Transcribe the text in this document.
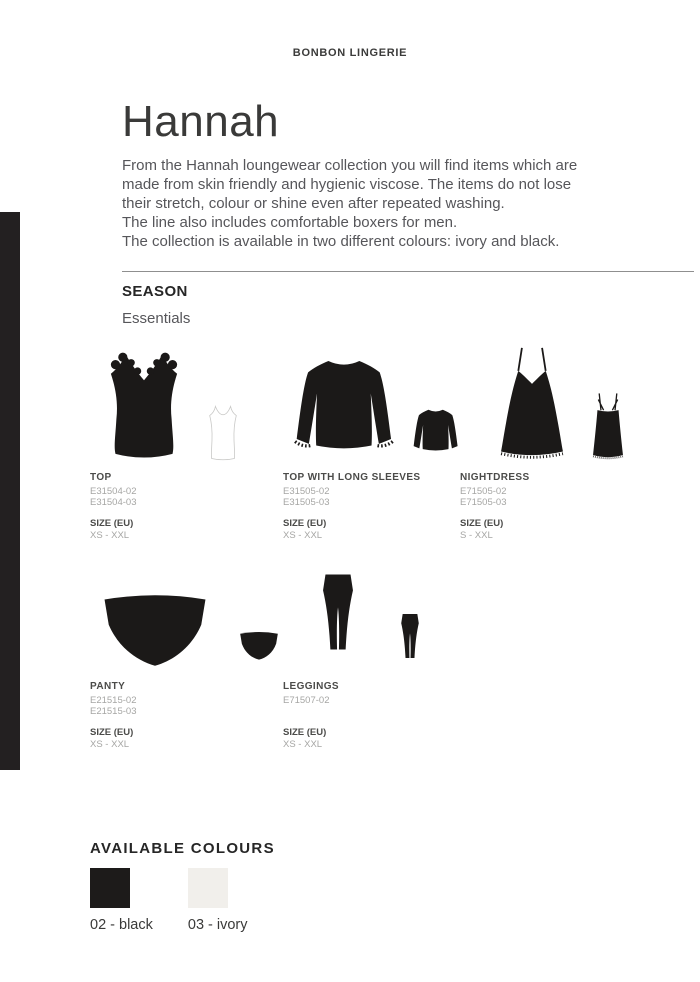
BONBON LINGERIE
Hannah
From the Hannah loungewear collection you will find items which are made from skin friendly and hygienic viscose. The items do not lose their stretch, colour or shine even after repeated washing.
The line also includes comfortable boxers for men.
The collection is available in two different colours: ivory and black.
SEASON
Essentials
TOP
E31504-02
E31504-03
SIZE (EU)
XS - XXL
TOP WITH LONG SLEEVES
E31505-02
E31505-03
SIZE (EU)
XS - XXL
NIGHTDRESS
E71505-02
E71505-03
SIZE (EU)
S - XXL
PANTY
E21515-02
E21515-03
SIZE (EU)
XS - XXL
LEGGINGS
E71507-02
SIZE (EU)
XS - XXL
AVAILABLE COLOURS
02 - black 03 - ivory
